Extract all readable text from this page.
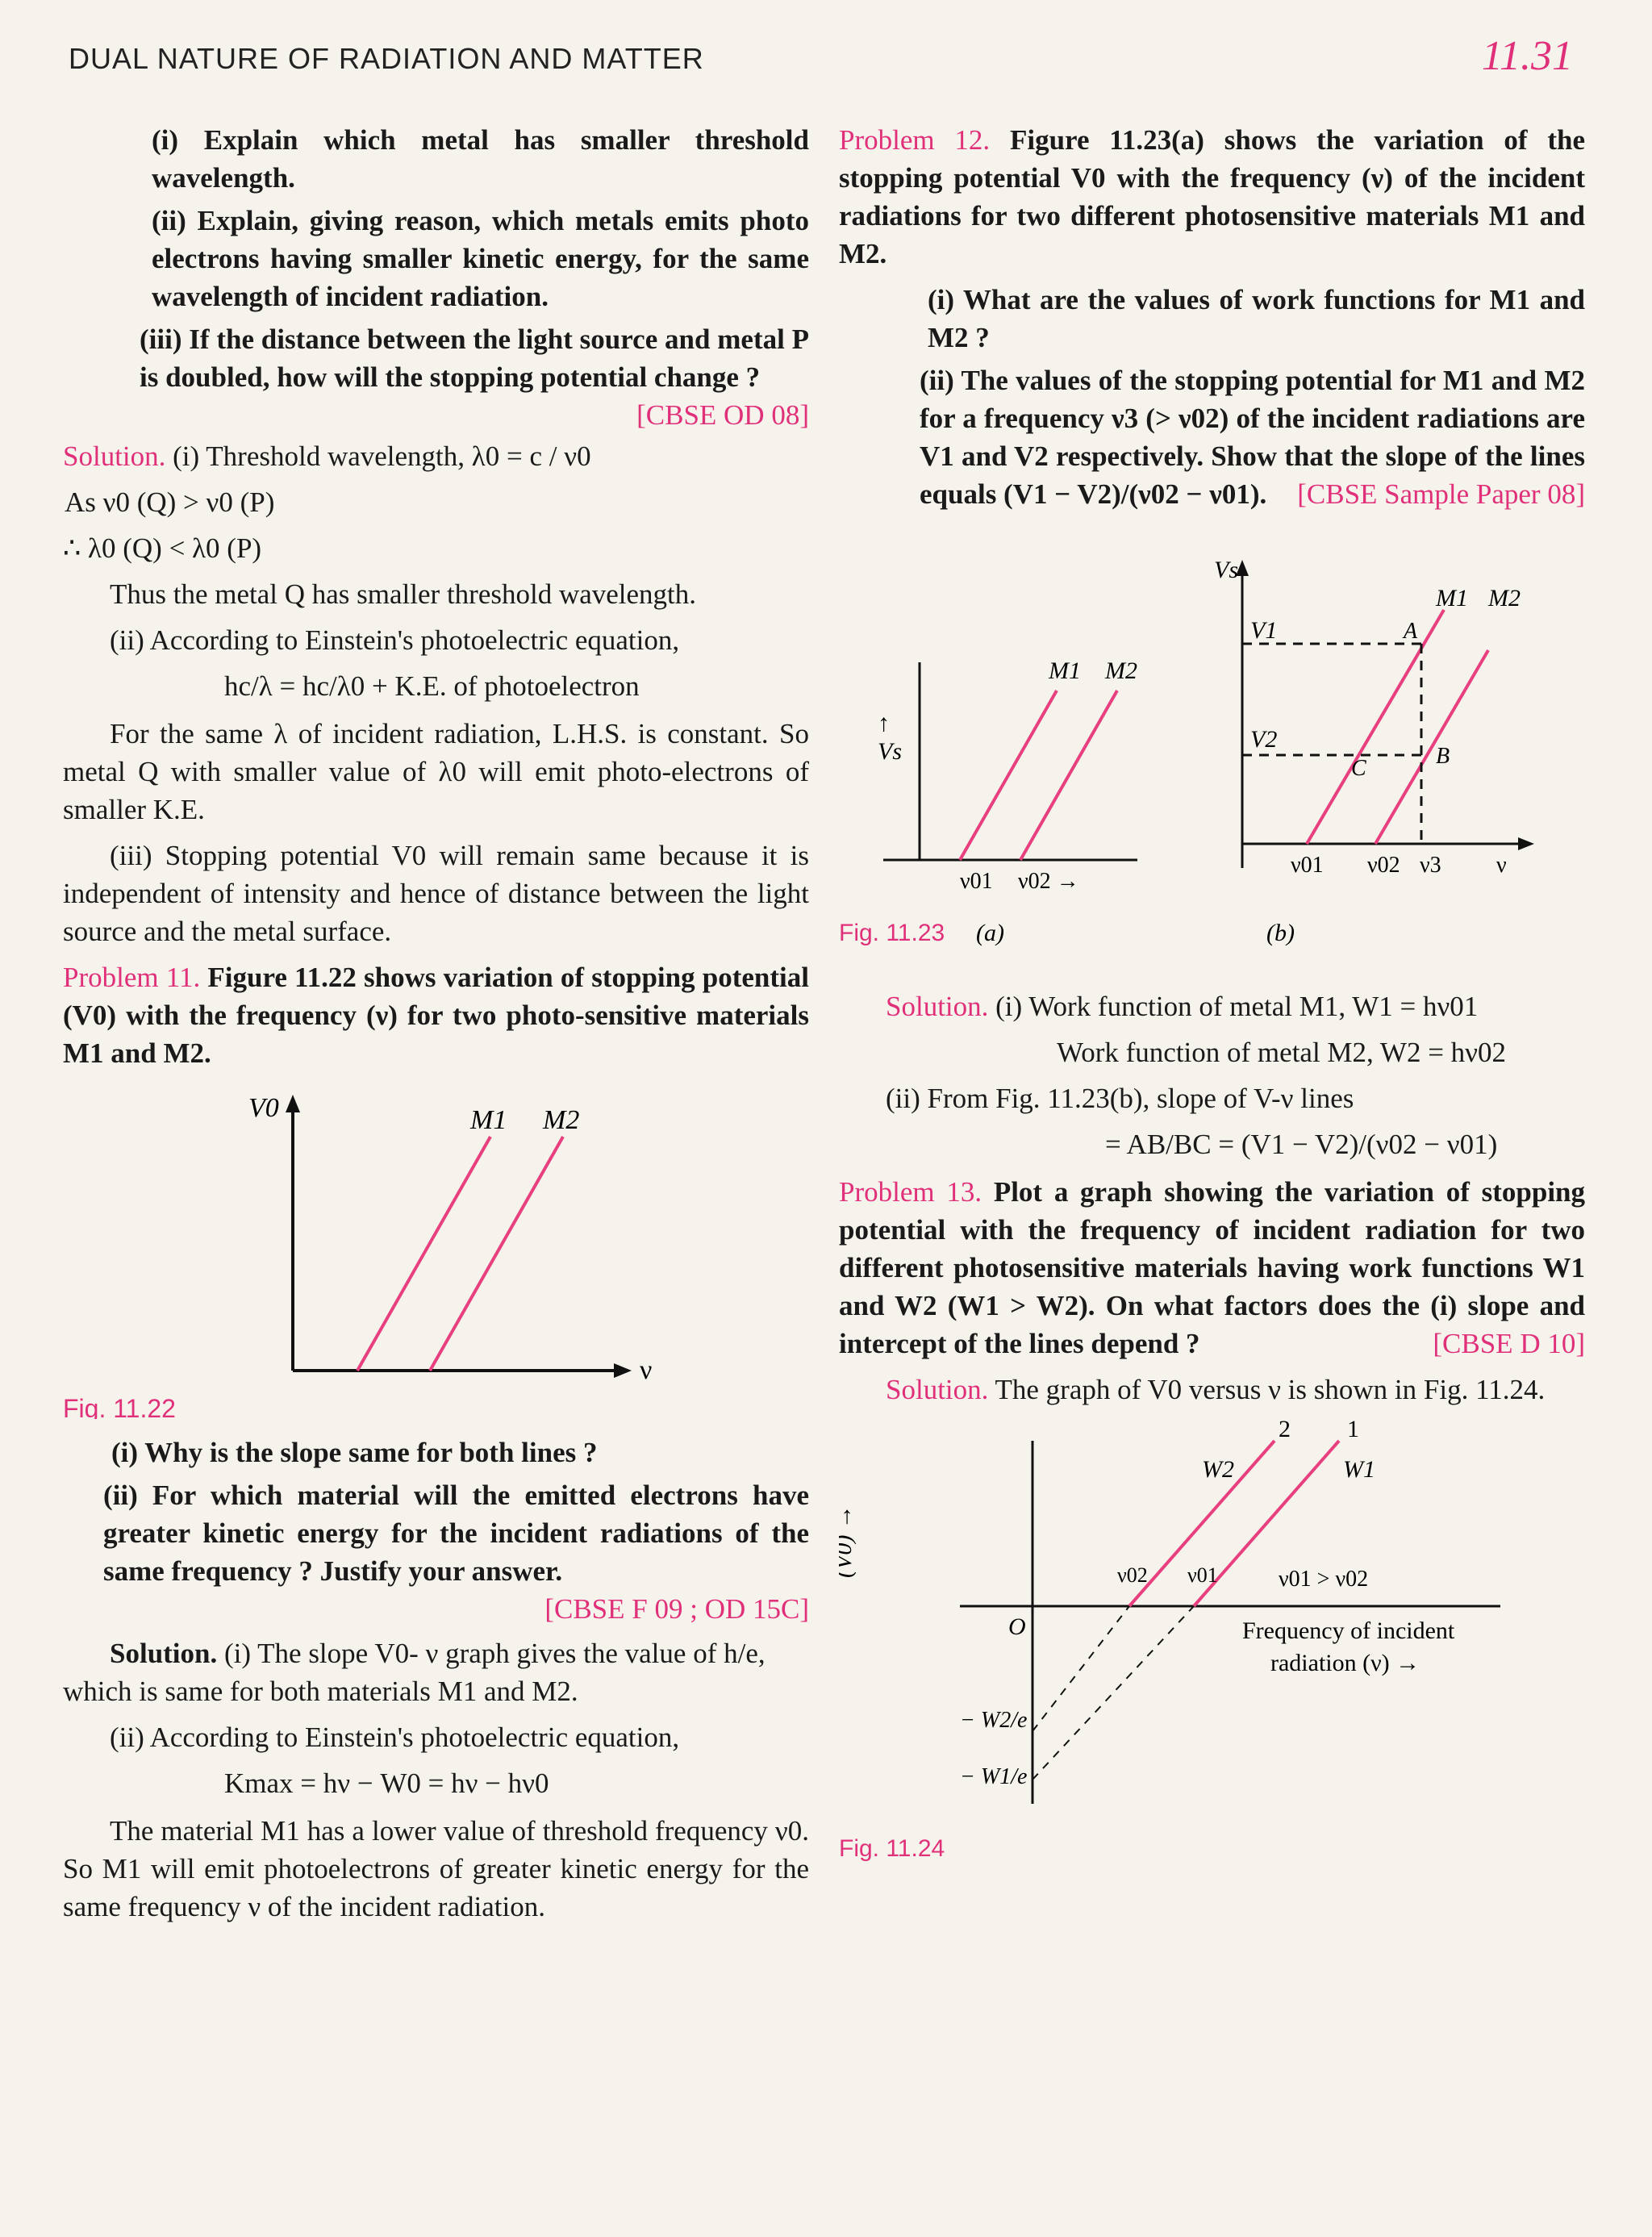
DUAL NATURE OF RADIATION AND MATTER	11.31
(i) Explain which metal has smaller threshold wavelength.
(ii) Explain, giving reason, which metals emits photo electrons having smaller kinetic energy, for the same wavelength of incident radiation.
(iii) If the distance between the light source and metal P is doubled, how will the stopping potential change ?
[CBSE OD 08]

Solution. (i) Threshold wavelength, λ0 = c / ν0

As ν0 (Q) > ν0 (P)

∴ λ0 (Q) < λ0 (P)

Thus the metal Q has smaller threshold wavelength.

(ii) According to Einstein's photoelectric equation,

hc/λ = hc/λ0 + K.E. of photoelectron

For the same λ of incident radiation, L.H.S. is constant. So metal Q with smaller value of λ0 will emit photo-electrons of smaller K.E.

(iii) Stopping potential V0 will remain same because it is independent of intensity and hence of distance between the light source and the metal surface.

Problem 11. Figure 11.22 shows variation of stopping potential (V0) with the frequency (ν) for two photo-sensitive materials M1 and M2.

V0
ν
M1 M2
Fig. 11.22
(i) Why is the slope same for both lines ?
(ii) For which material will the emitted electrons have greater kinetic energy for the incident radiations of the same frequency ? Justify your answer.
[CBSE F 09 ; OD 15C]

Solution. (i) The slope V0- ν graph gives the value of h/e, which is same for both materials M1 and M2.

(ii) According to Einstein's photoelectric equation,

Kmax = hν − W0 = hν − hν0

The material M1 has a lower value of threshold frequency ν0. So M1 will emit photoelectrons of greater kinetic energy for the same frequency ν of the incident radiation.

Problem 12. Figure 11.23(a) shows the variation of the stopping potential V0 with the frequency (ν) of the incident radiations for two different photosensitive materials M1 and M2.

(i) What are the values of work functions for M1 and M2 ?
(ii) The values of the stopping potential for M1 and M2 for a frequency ν3 (> ν02) of the incident radiations are V1 and V2 respectively. Show that the slope of the lines equals (V1 − V2)/(ν02 − ν01). [CBSE Sample Paper 08]
↑
Vs
M1 M2
ν01 ν02 →
Vs
V1
V2
M1 M2
A
B
C
ν01 ν02 ν3 ν
Fig. 11.23 (a)	(b)

Solution. (i) Work function of metal M1, W1 = hν01

Work function of metal M2, W2 = hν02

(ii) From Fig. 11.23(b), slope of V-ν lines

= AB/BC = (V1 − V2)/(ν02 − ν01)

Problem 13. Plot a graph showing the variation of stopping potential with the frequency of incident radiation for two different photosensitive materials having work functions W1 and W2 (W1 > W2). On what factors does the (i) slope and intercept of the lines depend ?	[CBSE D 10]

Solution. The graph of V0 versus ν is shown in Fig. 11.24.

(V0)
2 1
W2	W1
ν02 ν01	ν01 > ν02
O	Frequency of incident
radiation (ν) →
− W2/e
− W1/e
Fig. 11.24
